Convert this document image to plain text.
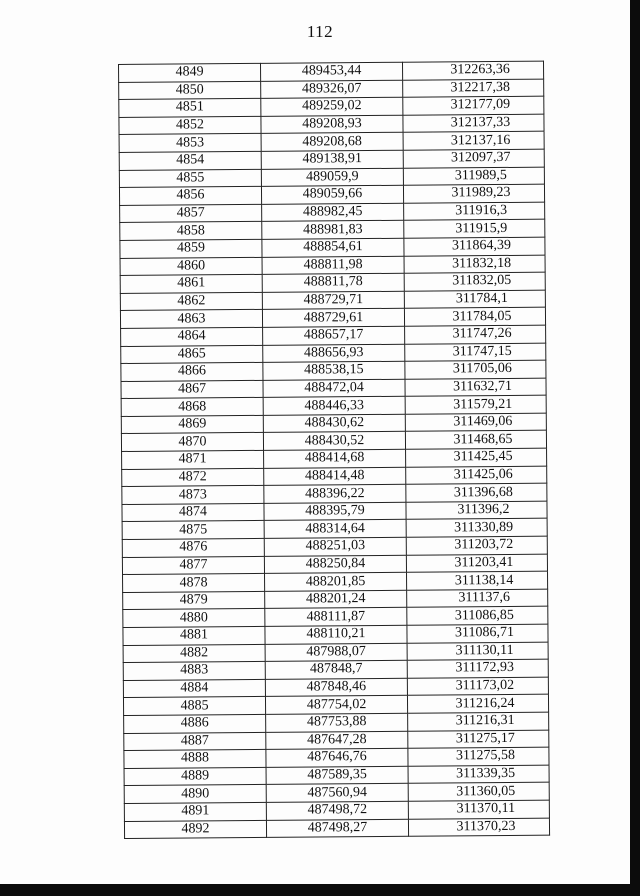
112
4849	489453,44	312263,36
4850	489326,07	312217,38
4851	489259,02	312177,09
4852	489208,93	312137,33
4853	489208,68	312137,16
4854	489138,91	312097,37
4855	489059,9	311989,5
4856	489059,66	311989,23
4857	488982,45	311916,3
4858	488981,83	311915,9
4859	488854,61	311864,39
4860	488811,98	311832,18
4861	488811,78	311832,05
4862	488729,71	311784,1
4863	488729,61	311784,05
4864	488657,17	311747,26
4865	488656,93	311747,15
4866	488538,15	311705,06
4867	488472,04	311632,71
4868	488446,33	311579,21
4869	488430,62	311469,06
4870	488430,52	311468,65
4871	488414,68	311425,45
4872	488414,48	311425,06
4873	488396,22	311396,68
4874	488395,79	311396,2
4875	488314,64	311330,89
4876	488251,03	311203,72
4877	488250,84	311203,41
4878	488201,85	311138,14
4879	488201,24	311137,6
4880	488111,87	311086,85
4881	488110,21	311086,71
4882	487988,07	311130,11
4883	487848,7	311172,93
4884	487848,46	311173,02
4885	487754,02	311216,24
4886	487753,88	311216,31
4887	487647,28	311275,17
4888	487646,76	311275,58
4889	487589,35	311339,35
4890	487560,94	311360,05
4891	487498,72	311370,11
4892	487498,27	311370,23
